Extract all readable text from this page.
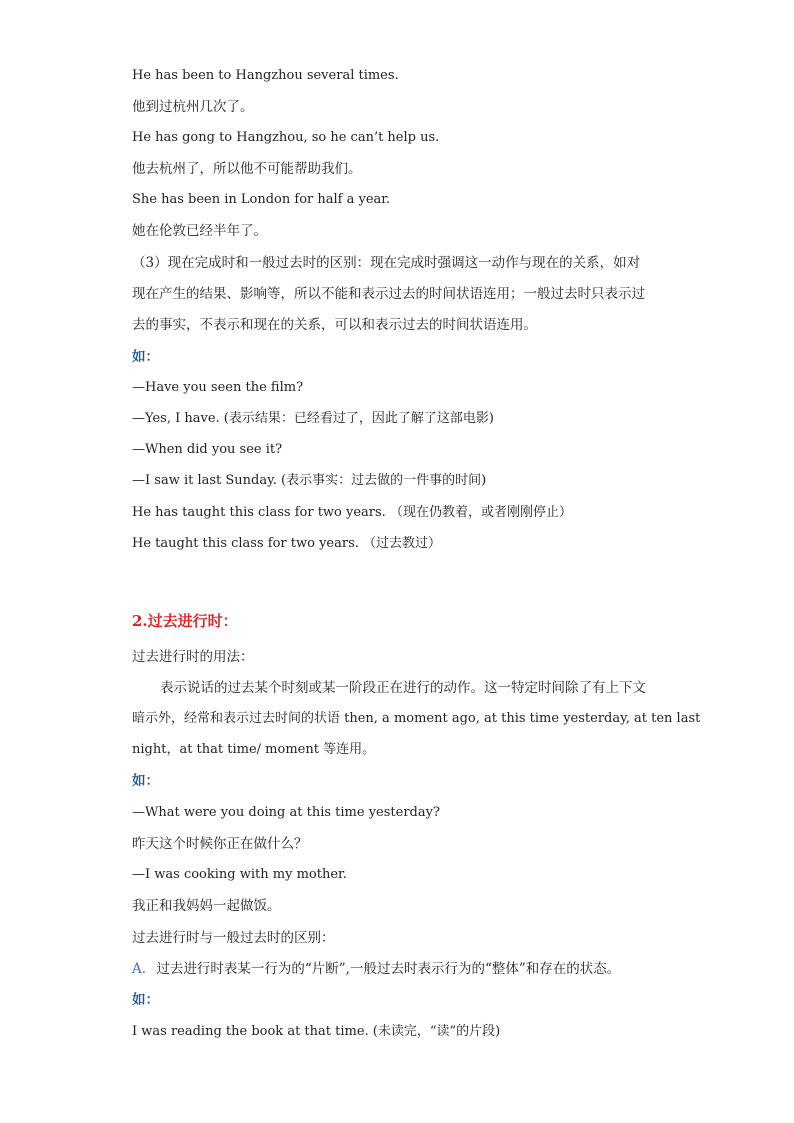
He has been to Hangzhou several times.
他到过杭州几次了。
He has gong to Hangzhou, so he can’t help us.
他去杭州了，所以他不可能帮助我们。
She has been in London for half a year.
她在伦敦已经半年了。
（3）现在完成时和一般过去时的区别：现在完成时强调这一动作与现在的关系，如对
现在产生的结果、影响等，所以不能和表示过去的时间状语连用；一般过去时只表示过
去的事实，不表示和现在的关系，可以和表示过去的时间状语连用。
如：
—Have you seen the film?
—Yes, I have. (表示结果：已经看过了，因此了解了这部电影)
—When did you see it?
—I saw it last Sunday. (表示事实：过去做的一件事的时间)
He has taught this class for two years. （现在仍教着，或者刚刚停止）
He taught this class for two years. （过去教过）
2.过去进行时：
过去进行时的用法：
表示说话的过去某个时刻或某一阶段正在进行的动作。这一特定时间除了有上下文
暗示外，经常和表示过去时间的状语 then, a moment ago, at this time yesterday, at ten last
night，at that time/ moment 等连用。
如：
—What were you doing at this time yesterday?
昨天这个时候你正在做什么？
—I was cooking with my mother.
我正和我妈妈一起做饭。
过去进行时与一般过去时的区别：
A. 过去进行时表某一行为的“片断”,一般过去时表示行为的“整体”和存在的状态。
如：
I was reading the book at that time. (未读完，“读”的片段)
